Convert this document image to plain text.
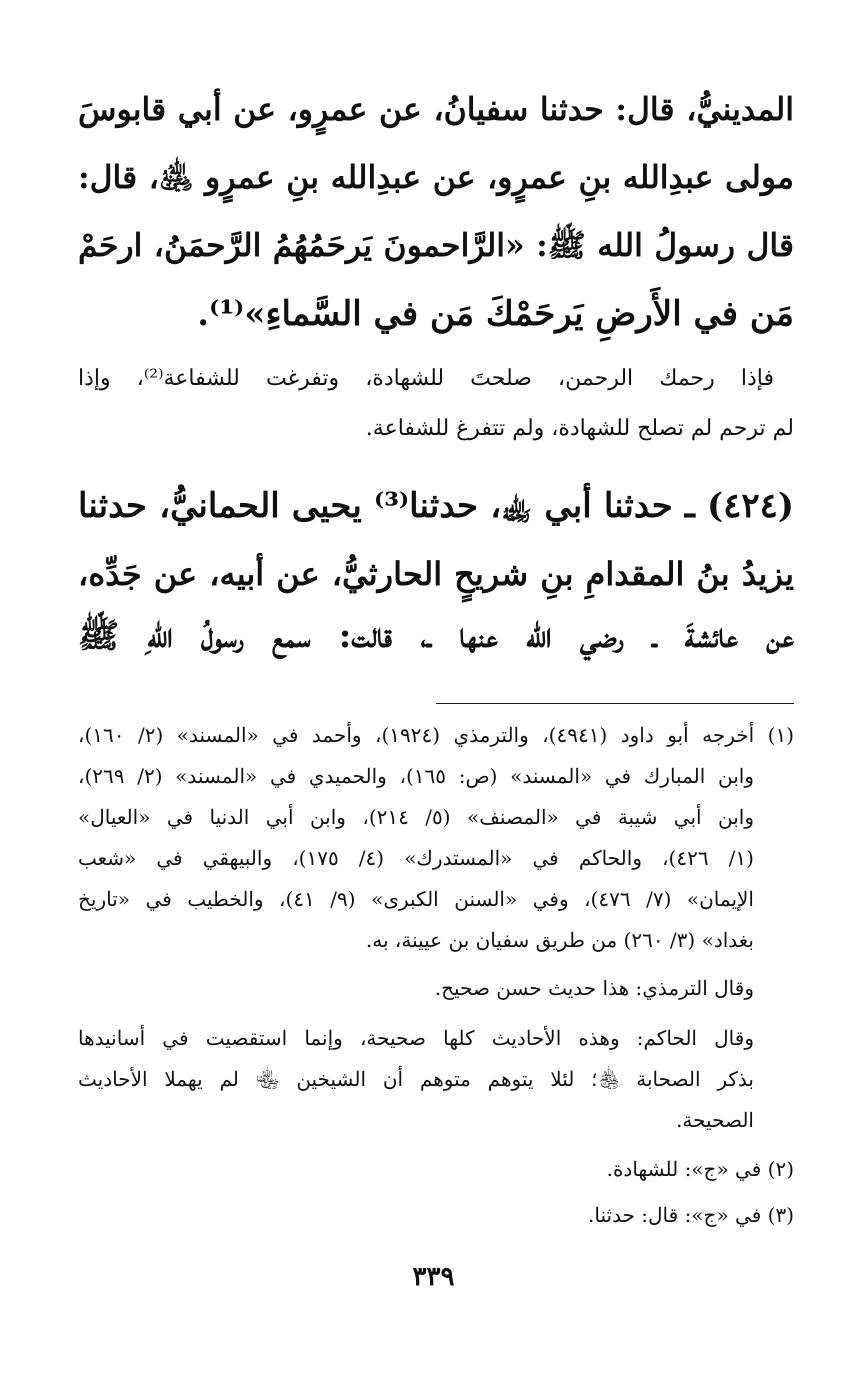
المدينيُّ، قال: حدثنا سفيانُ، عن عمرٍو، عن أبي قابوسَ
مولى عبدِالله بنِ عمرٍو، عن عبدِالله بنِ عمرٍو ﵁، قال:
قال رسولُ الله ﷺ: «الرَّاحمونَ يَرحَمُهُمُ الرَّحمَنُ، ارحَمْ
مَن في الأَرضِ يَرحَمْكَ مَن في السَّماءِ»⁽¹⁾.
فإذا رحمك الرحمن، صلحتَ للشهادة، وتفرغت للشفاعة⁽²⁾، وإذا
لم ترحم لم تصلح للشهادة، ولم تتفرغ للشفاعة.
(٤٢٤) ـ حدثنا أبي ﵀، حدثنا⁽³⁾ يحيى الحمانيُّ، حدثنا
يزيدُ بنُ المقدامِ بنِ شريحٍ الحارثيُّ، عن أبيه، عن جَدِّه،
عن عائشةَ ـ رضي الله عنها ـ، قالت: سمع رسولُ اللهِ ﷺ
(١) أخرجه أبو داود (٤٩٤١)، والترمذي (١٩٢٤)، وأحمد في «المسند» (٢/ ١٦٠)،
وابن المبارك في «المسند» (ص: ١٦٥)، والحميدي في «المسند» (٢/ ٢٦٩)،
وابن أبي شيبة في «المصنف» (٥/ ٢١٤)، وابن أبي الدنيا في «العيال»
(١/ ٤٢٦)، والحاكم في «المستدرك» (٤/ ١٧٥)، والبيهقي في «شعب
الإيمان» (٧/ ٤٧٦)، وفي «السنن الكبرى» (٩/ ٤١)، والخطيب في «تاريخ
بغداد» (٣/ ٢٦٠) من طريق سفيان بن عيينة، به.
وقال الترمذي: هذا حديث حسن صحيح.
وقال الحاكم: وهذه الأحاديث كلها صحيحة، وإنما استقصيت في أسانيدها
بذكر الصحابة ﵃؛ لئلا يتوهم متوهم أن الشيخين ﵄ لم يهملا الأحاديث
الصحيحة.
(٢) في «ج»: للشهادة.
(٣) في «ج»: قال: حدثنا.
٣٣٩
